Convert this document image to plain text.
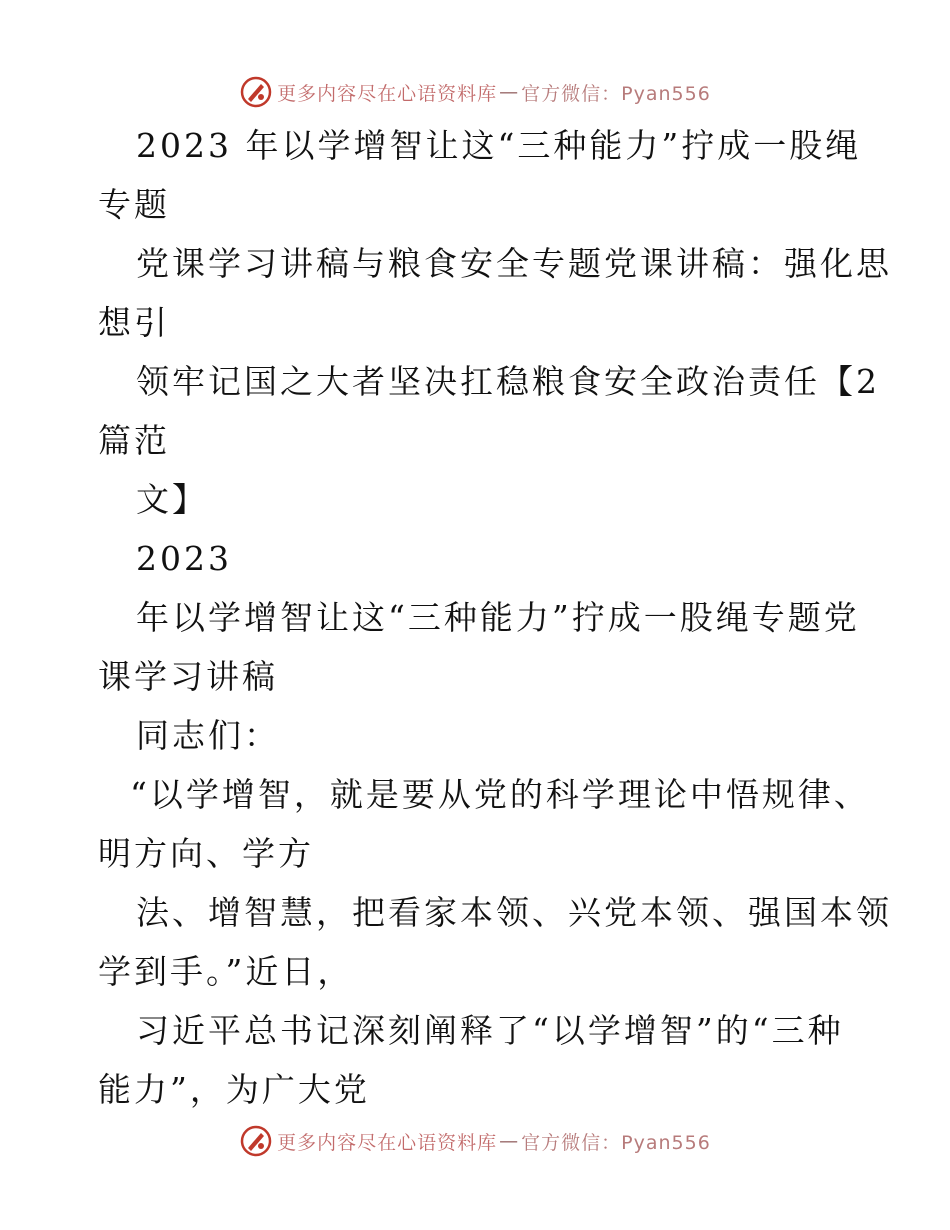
更多内容尽在心语资料库 — 官方微信：Pyan556
2023 年以学增智让这“三种能力”拧成一股绳
专题
党课学习讲稿与粮食安全专题党课讲稿：强化思
想引
领牢记国之大者坚决扛稳粮食安全政治责任【2
篇范
文】
2023
年以学增智让这“三种能力”拧成一股绳专题党
课学习讲稿
同志们：
“以学增智，就是要从党的科学理论中悟规律、
明方向、学方
法、增智慧，把看家本领、兴党本领、强国本领
学到手。”近日，
习近平总书记深刻阐释了“以学增智”的“三种
能力”，为广大党
更多内容尽在心语资料库 — 官方微信：Pyan556
